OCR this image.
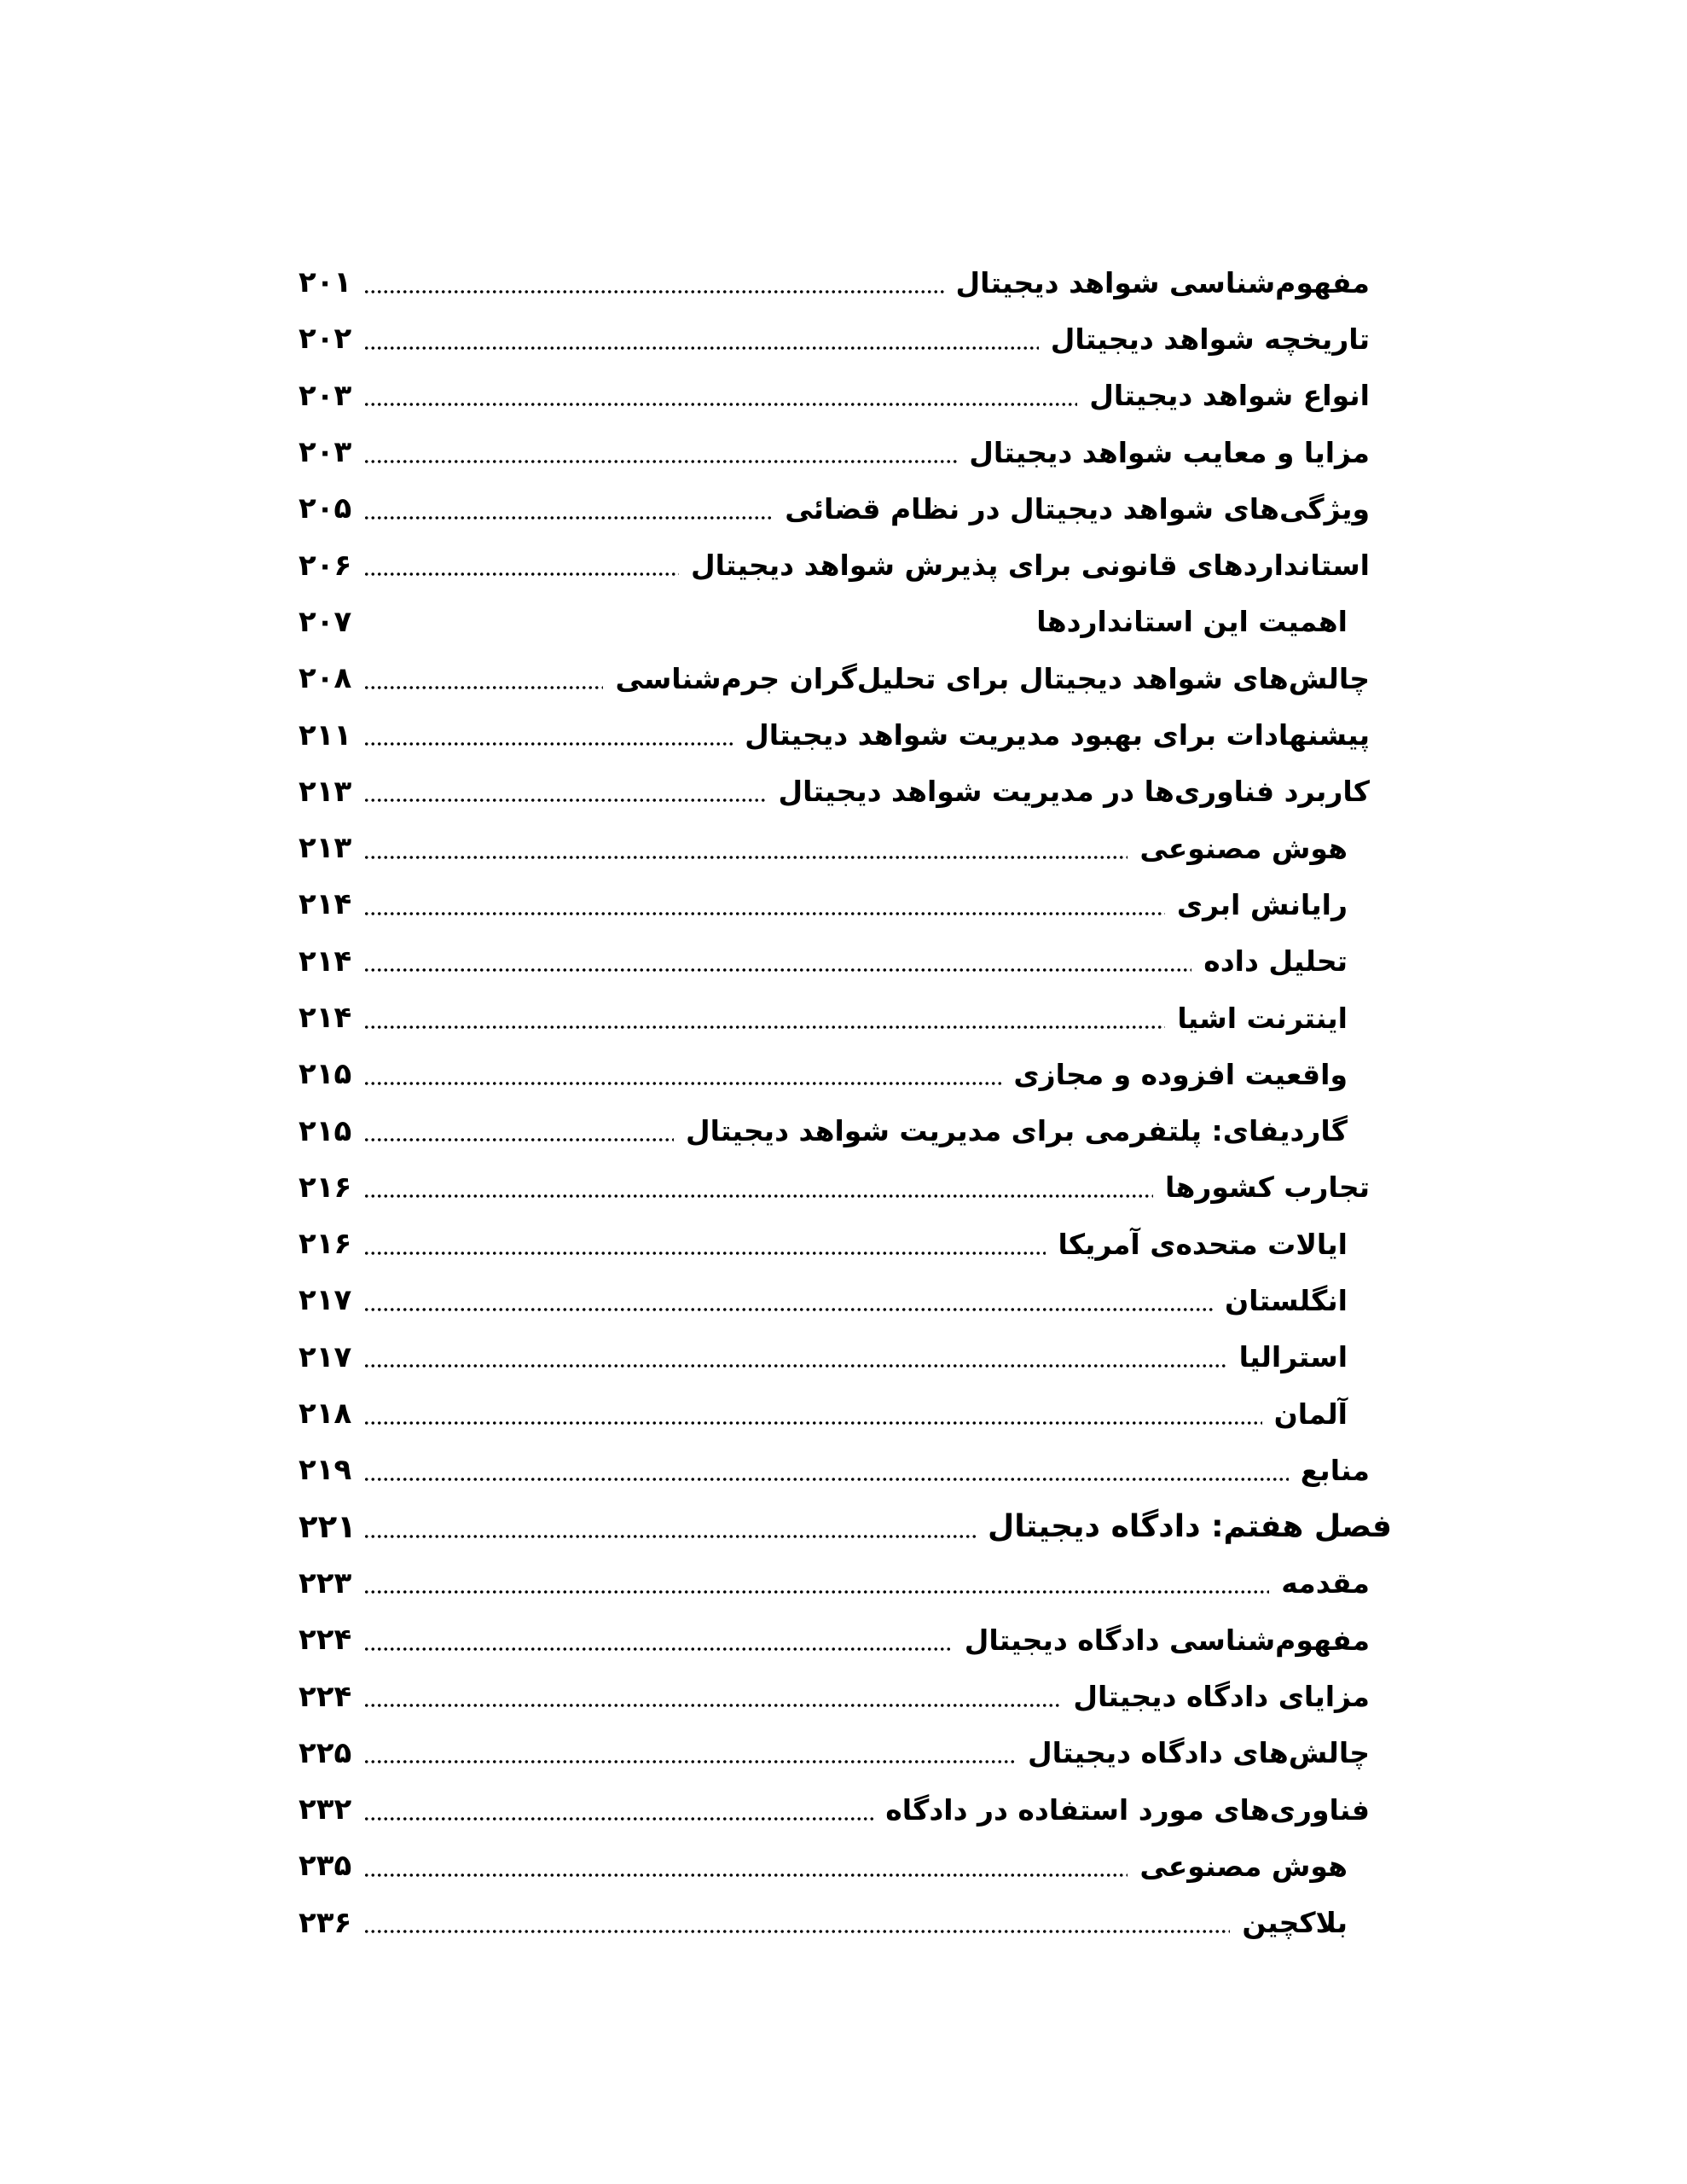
مفهوم‌شناسی شواهد دیجیتال
۲۰۱
تاریخچه شواهد دیجیتال
۲۰۲
انواع شواهد دیجیتال
۲۰۳
مزایا و معایب شواهد دیجیتال
۲۰۳
ویژگی‌های شواهد دیجیتال در نظام قضائی
۲۰۵
استانداردهای قانونی برای پذیرش شواهد دیجیتال
۲۰۶
اهمیت این استانداردها
۲۰۷
چالش‌های شواهد دیجیتال برای تحلیل‌گران جرم‌شناسی
۲۰۸
پیشنهادات برای بهبود مدیریت شواهد دیجیتال
۲۱۱
کاربرد فناوری‌ها در مدیریت شواهد دیجیتال
۲۱۳
هوش مصنوعی
۲۱۳
رایانش ابری
۲۱۴
تحلیل داده
۲۱۴
اینترنت اشیا
۲۱۴
واقعیت افزوده و مجازی
۲۱۵
گاردیفای: پلتفرمی برای مدیریت شواهد دیجیتال
۲۱۵
تجارب کشورها
۲۱۶
ایالات متحده‌ی آمریکا
۲۱۶
انگلستان
۲۱۷
استرالیا
۲۱۷
آلمان
۲۱۸
منابع
۲۱۹
فصل هفتم: دادگاه دیجیتال
۲۲۱
مقدمه
۲۲۳
مفهوم‌شناسی دادگاه دیجیتال
۲۲۴
مزایای دادگاه دیجیتال
۲۲۴
چالش‌های دادگاه دیجیتال
۲۲۵
فناوری‌های مورد استفاده در دادگاه
۲۳۲
هوش مصنوعی
۲۳۵
بلاکچین
۲۳۶
